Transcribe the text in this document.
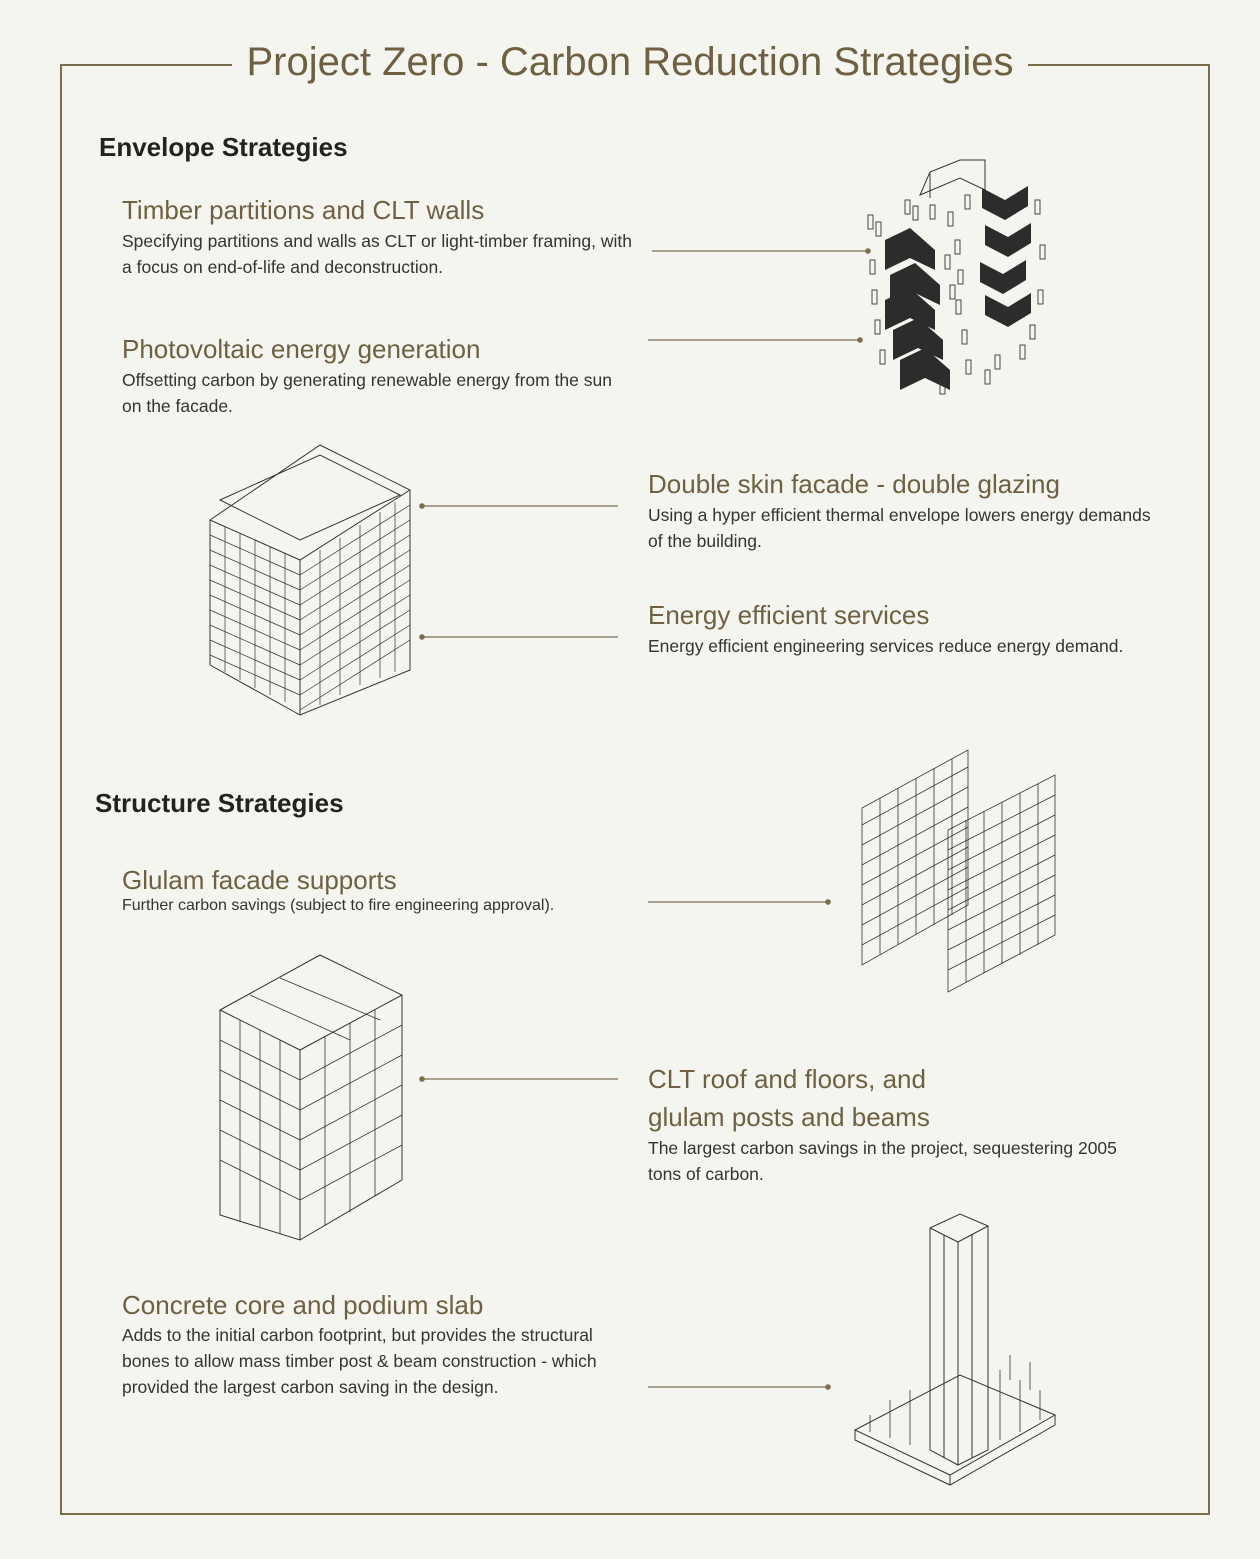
Project Zero - Carbon Reduction Strategies
Envelope Strategies
Timber partitions and CLT walls
Specifying partitions and walls as CLT or light-timber framing, with a focus on end-of-life and deconstruction.
Photovoltaic energy generation
Offsetting carbon by generating renewable energy from the sun on the facade.
Double skin facade - double glazing
Using a hyper efficient thermal envelope lowers energy demands of the building.
Energy efficient services
Energy efficient engineering services reduce energy demand.
Structure Strategies
Glulam facade supports
Further carbon savings (subject to fire engineering approval).
CLT roof and floors, and glulam posts and beams
The largest carbon savings in the project, sequestering 2005 tons of carbon.
Concrete core and podium slab
Adds to the initial carbon footprint, but provides the structural bones to allow mass timber post & beam construction - which provided the largest carbon saving in the design.
